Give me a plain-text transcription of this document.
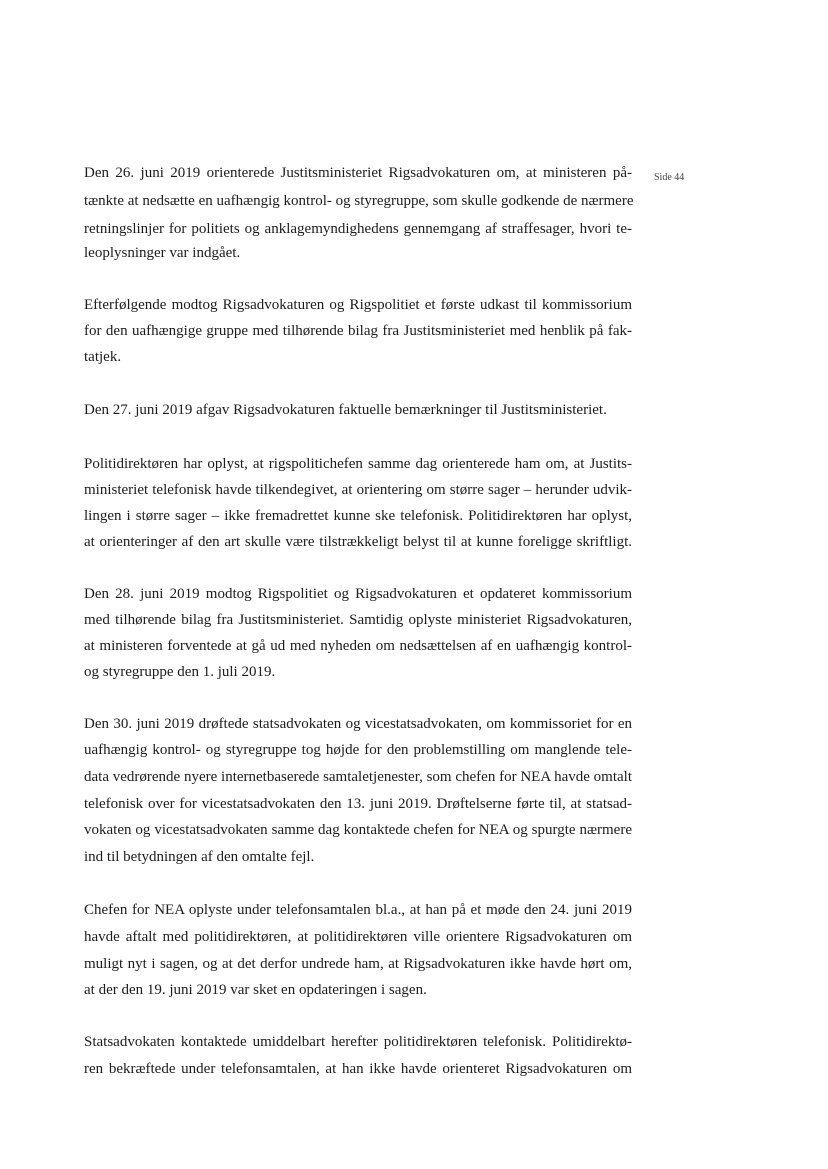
Side 44
Den 26. juni 2019 orienterede Justitsministeriet Rigsadvokaturen om, at ministeren på-
tænkte at nedsætte en uafhængig kontrol- og styregruppe, som skulle godkende de nærmere
retningslinjer for politiets og anklagemyndighedens gennemgang af straffesager, hvori te-
leoplysninger var indgået.
Efterfølgende modtog Rigsadvokaturen og Rigspolitiet et første udkast til kommissorium
for den uafhængige gruppe med tilhørende bilag fra Justitsministeriet med henblik på fak-
tatjek.
Den 27. juni 2019 afgav Rigsadvokaturen faktuelle bemærkninger til Justitsministeriet.
Politidirektøren har oplyst, at rigspolitichefen samme dag orienterede ham om, at Justits-
ministeriet telefonisk havde tilkendegivet, at orientering om større sager – herunder udvik-
lingen i større sager – ikke fremadrettet kunne ske telefonisk. Politidirektøren har oplyst,
at orienteringer af den art skulle være tilstrækkeligt belyst til at kunne foreligge skriftligt.
Den 28. juni 2019 modtog Rigspolitiet og Rigsadvokaturen et opdateret kommissorium
med tilhørende bilag fra Justitsministeriet. Samtidig oplyste ministeriet Rigsadvokaturen,
at ministeren forventede at gå ud med nyheden om nedsættelsen af en uafhængig kontrol-
og styregruppe den 1. juli 2019.
Den 30. juni 2019 drøftede statsadvokaten og vicestatsadvokaten, om kommissoriet for en
uafhængig kontrol- og styregruppe tog højde for den problemstilling om manglende tele-
data vedrørende nyere internetbaserede samtaletjenester, som chefen for NEA havde omtalt
telefonisk over for vicestatsadvokaten den 13. juni 2019. Drøftelserne førte til, at statsad-
vokaten og vicestatsadvokaten samme dag kontaktede chefen for NEA og spurgte nærmere
ind til betydningen af den omtalte fejl.
Chefen for NEA oplyste under telefonsamtalen bl.a., at han på et møde den 24. juni 2019
havde aftalt med politidirektøren, at politidirektøren ville orientere Rigsadvokaturen om
muligt nyt i sagen, og at det derfor undrede ham, at Rigsadvokaturen ikke havde hørt om,
at der den 19. juni 2019 var sket en opdateringen i sagen.
Statsadvokaten kontaktede umiddelbart herefter politidirektøren telefonisk. Politidirektø-
ren bekræftede under telefonsamtalen, at han ikke havde orienteret Rigsadvokaturen om
